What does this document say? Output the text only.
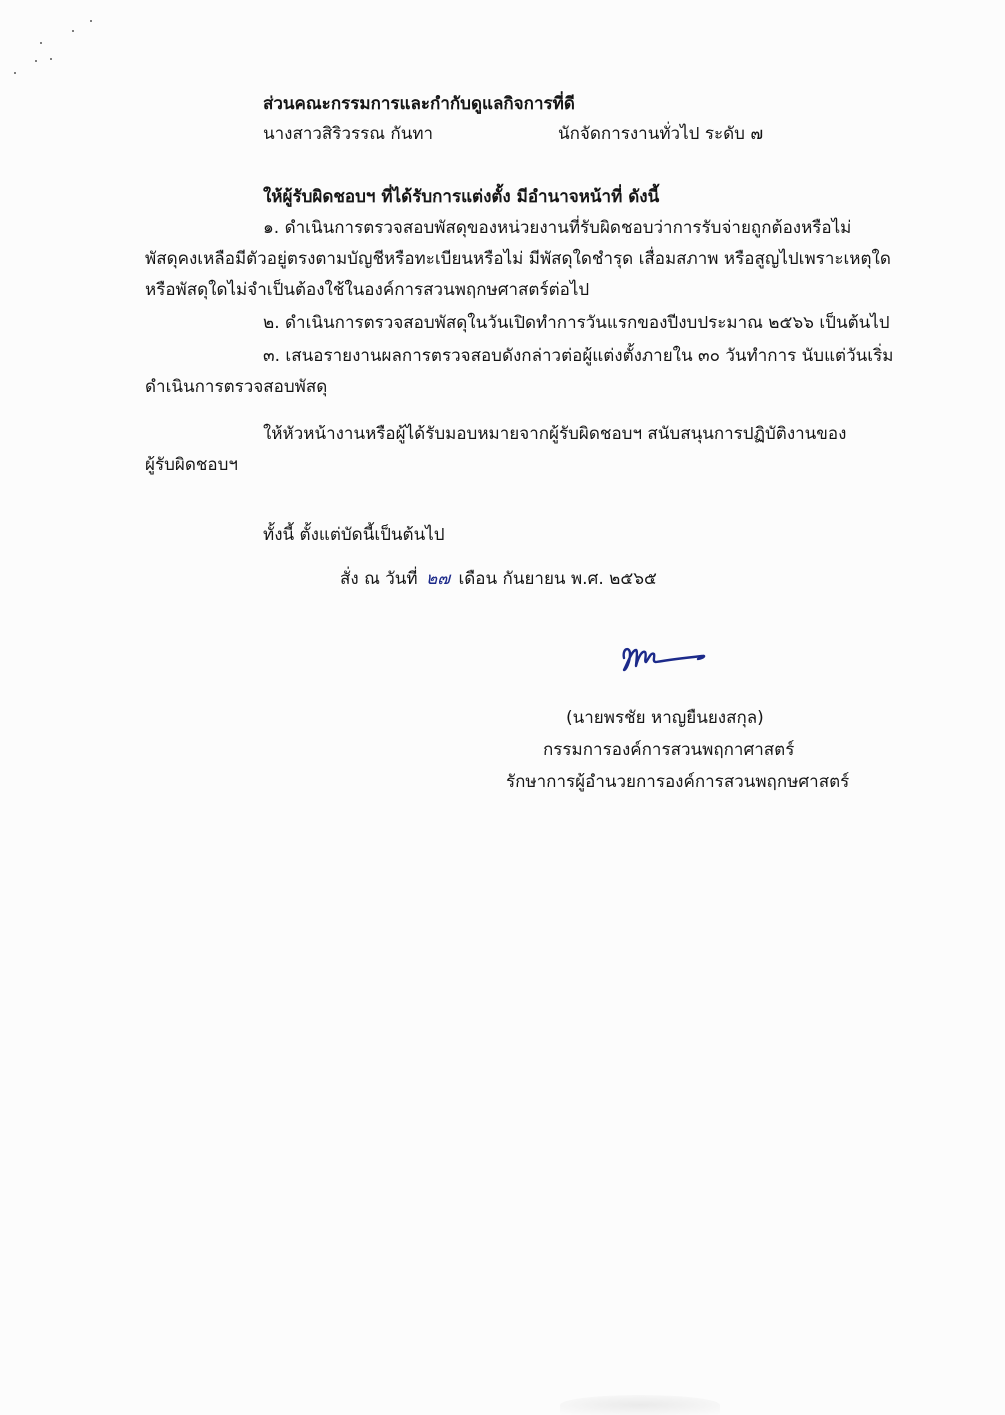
ส่วนคณะกรรมการและกำกับดูแลกิจการที่ดี
นางสาวสิริวรรณ กันทา	นักจัดการงานทั่วไป ระดับ ๗
ให้ผู้รับผิดชอบฯ ที่ได้รับการแต่งตั้ง มีอำนาจหน้าที่ ดังนี้
๑. ดำเนินการตรวจสอบพัสดุของหน่วยงานที่รับผิดชอบว่าการรับจ่ายถูกต้องหรือไม่
พัสดุคงเหลือมีตัวอยู่ตรงตามบัญชีหรือทะเบียนหรือไม่ มีพัสดุใดชำรุด เสื่อมสภาพ หรือสูญไปเพราะเหตุใด
หรือพัสดุใดไม่จำเป็นต้องใช้ในองค์การสวนพฤกษศาสตร์ต่อไป
๒. ดำเนินการตรวจสอบพัสดุในวันเปิดทำการวันแรกของปีงบประมาณ ๒๕๖๖ เป็นต้นไป
๓. เสนอรายงานผลการตรวจสอบดังกล่าวต่อผู้แต่งตั้งภายใน ๓๐ วันทำการ นับแต่วันเริ่ม
ดำเนินการตรวจสอบพัสดุ
ให้หัวหน้างานหรือผู้ได้รับมอบหมายจากผู้รับผิดชอบฯ สนับสนุนการปฏิบัติงานของ
ผู้รับผิดชอบฯ
ทั้งนี้ ตั้งแต่บัดนี้เป็นต้นไป
สั่ง ณ วันที่ ๒๗ เดือน กันยายน พ.ศ. ๒๕๖๕
(นายพรชัย หาญยืนยงสกุล)
กรรมการองค์การสวนพฤกาศาสตร์
รักษาการผู้อำนวยการองค์การสวนพฤกษศาสตร์
